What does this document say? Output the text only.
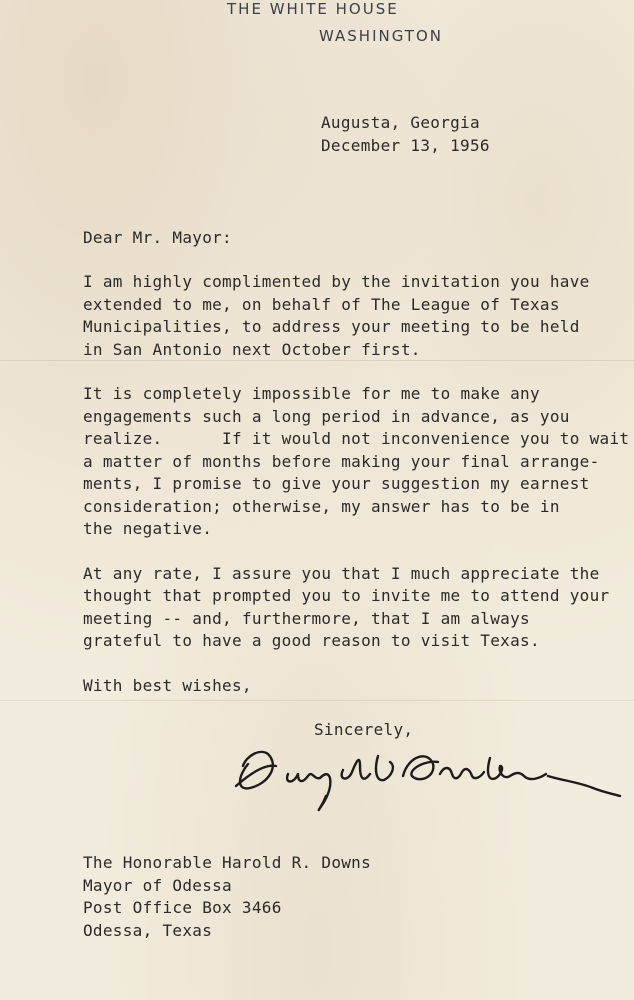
THE WHITE HOUSE
WASHINGTON

Augusta, Georgia

December 13, 1956

Dear Mr. Mayor:

I am highly complimented by the invitation you have

extended to me, on behalf of The League of Texas

Municipalities, to address your meeting to be held

in San Antonio next October first.

It is completely impossible for me to make any

engagements such a long period in advance, as you

realize.      If it would not inconvenience you to wait

a matter of months before making your final arrange-

ments, I promise to give your suggestion my earnest

consideration; otherwise, my answer has to be in

the negative.

At any rate, I assure you that I much appreciate the

thought that prompted you to invite me to attend your

meeting -- and, furthermore, that I am always

grateful to have a good reason to visit Texas.

With best wishes,

Sincerely,

The Honorable Harold R. Downs

Mayor of Odessa

Post Office Box 3466

Odessa, Texas
